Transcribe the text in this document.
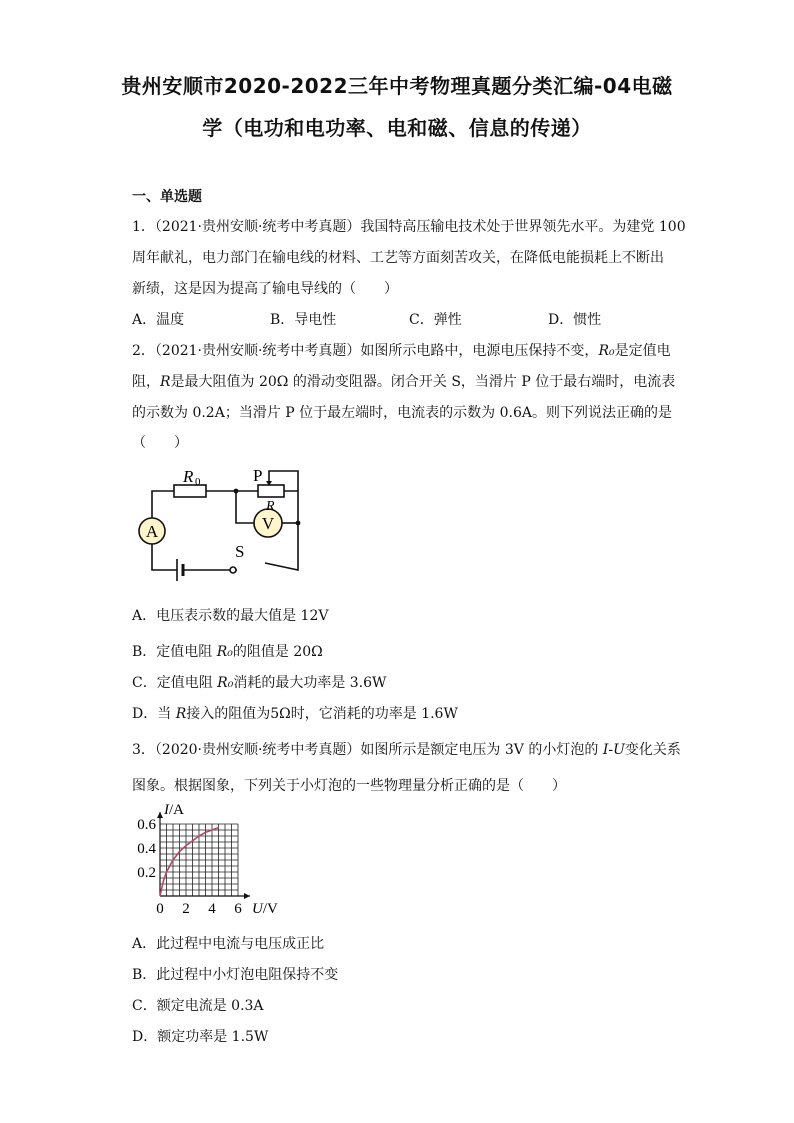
贵州安顺市2020-2022三年中考物理真题分类汇编-04电磁
学（电功和电功率、电和磁、信息的传递）
一、单选题
1．（2021·贵州安顺·统考中考真题）我国特高压输电技术处于世界领先水平。为建党 100
周年献礼，电力部门在输电线的材料、工艺等方面刻苦攻关，在降低电能损耗上不断出
新绩，这是因为提高了输电导线的（　　）
A．温度	B．导电性	C．弹性	D．惯性
2．（2021·贵州安顺·统考中考真题）如图所示电路中，电源电压保持不变，R₀是定值电
阻，R是最大阻值为 20Ω 的滑动变阻器。闭合开关 S，当滑片 P 位于最右端时，电流表
的示数为 0.2A；当滑片 P 位于最左端时，电流表的示数为 0.6A。则下列说法正确的是
（　　）
R 0	P
R
V
A
S
A．电压表示数的最大值是 12V
B．定值电阻 R₀的阻值是 20Ω
C．定值电阻 R₀消耗的最大功率是 3.6W
D．当 R接入的阻值为5Ω时，它消耗的功率是 1.6W
3．（2020·贵州安顺·统考中考真题）如图所示是额定电压为 3V 的小灯泡的 I-U变化关系
图象。根据图象，下列关于小灯泡的一些物理量分析正确的是（　　）
0 2 4 6
0.2
0.4
0.6
I/A
U/V
A．此过程中电流与电压成正比
B．此过程中小灯泡电阻保持不变
C．额定电流是 0.3A
D．额定功率是 1.5W
